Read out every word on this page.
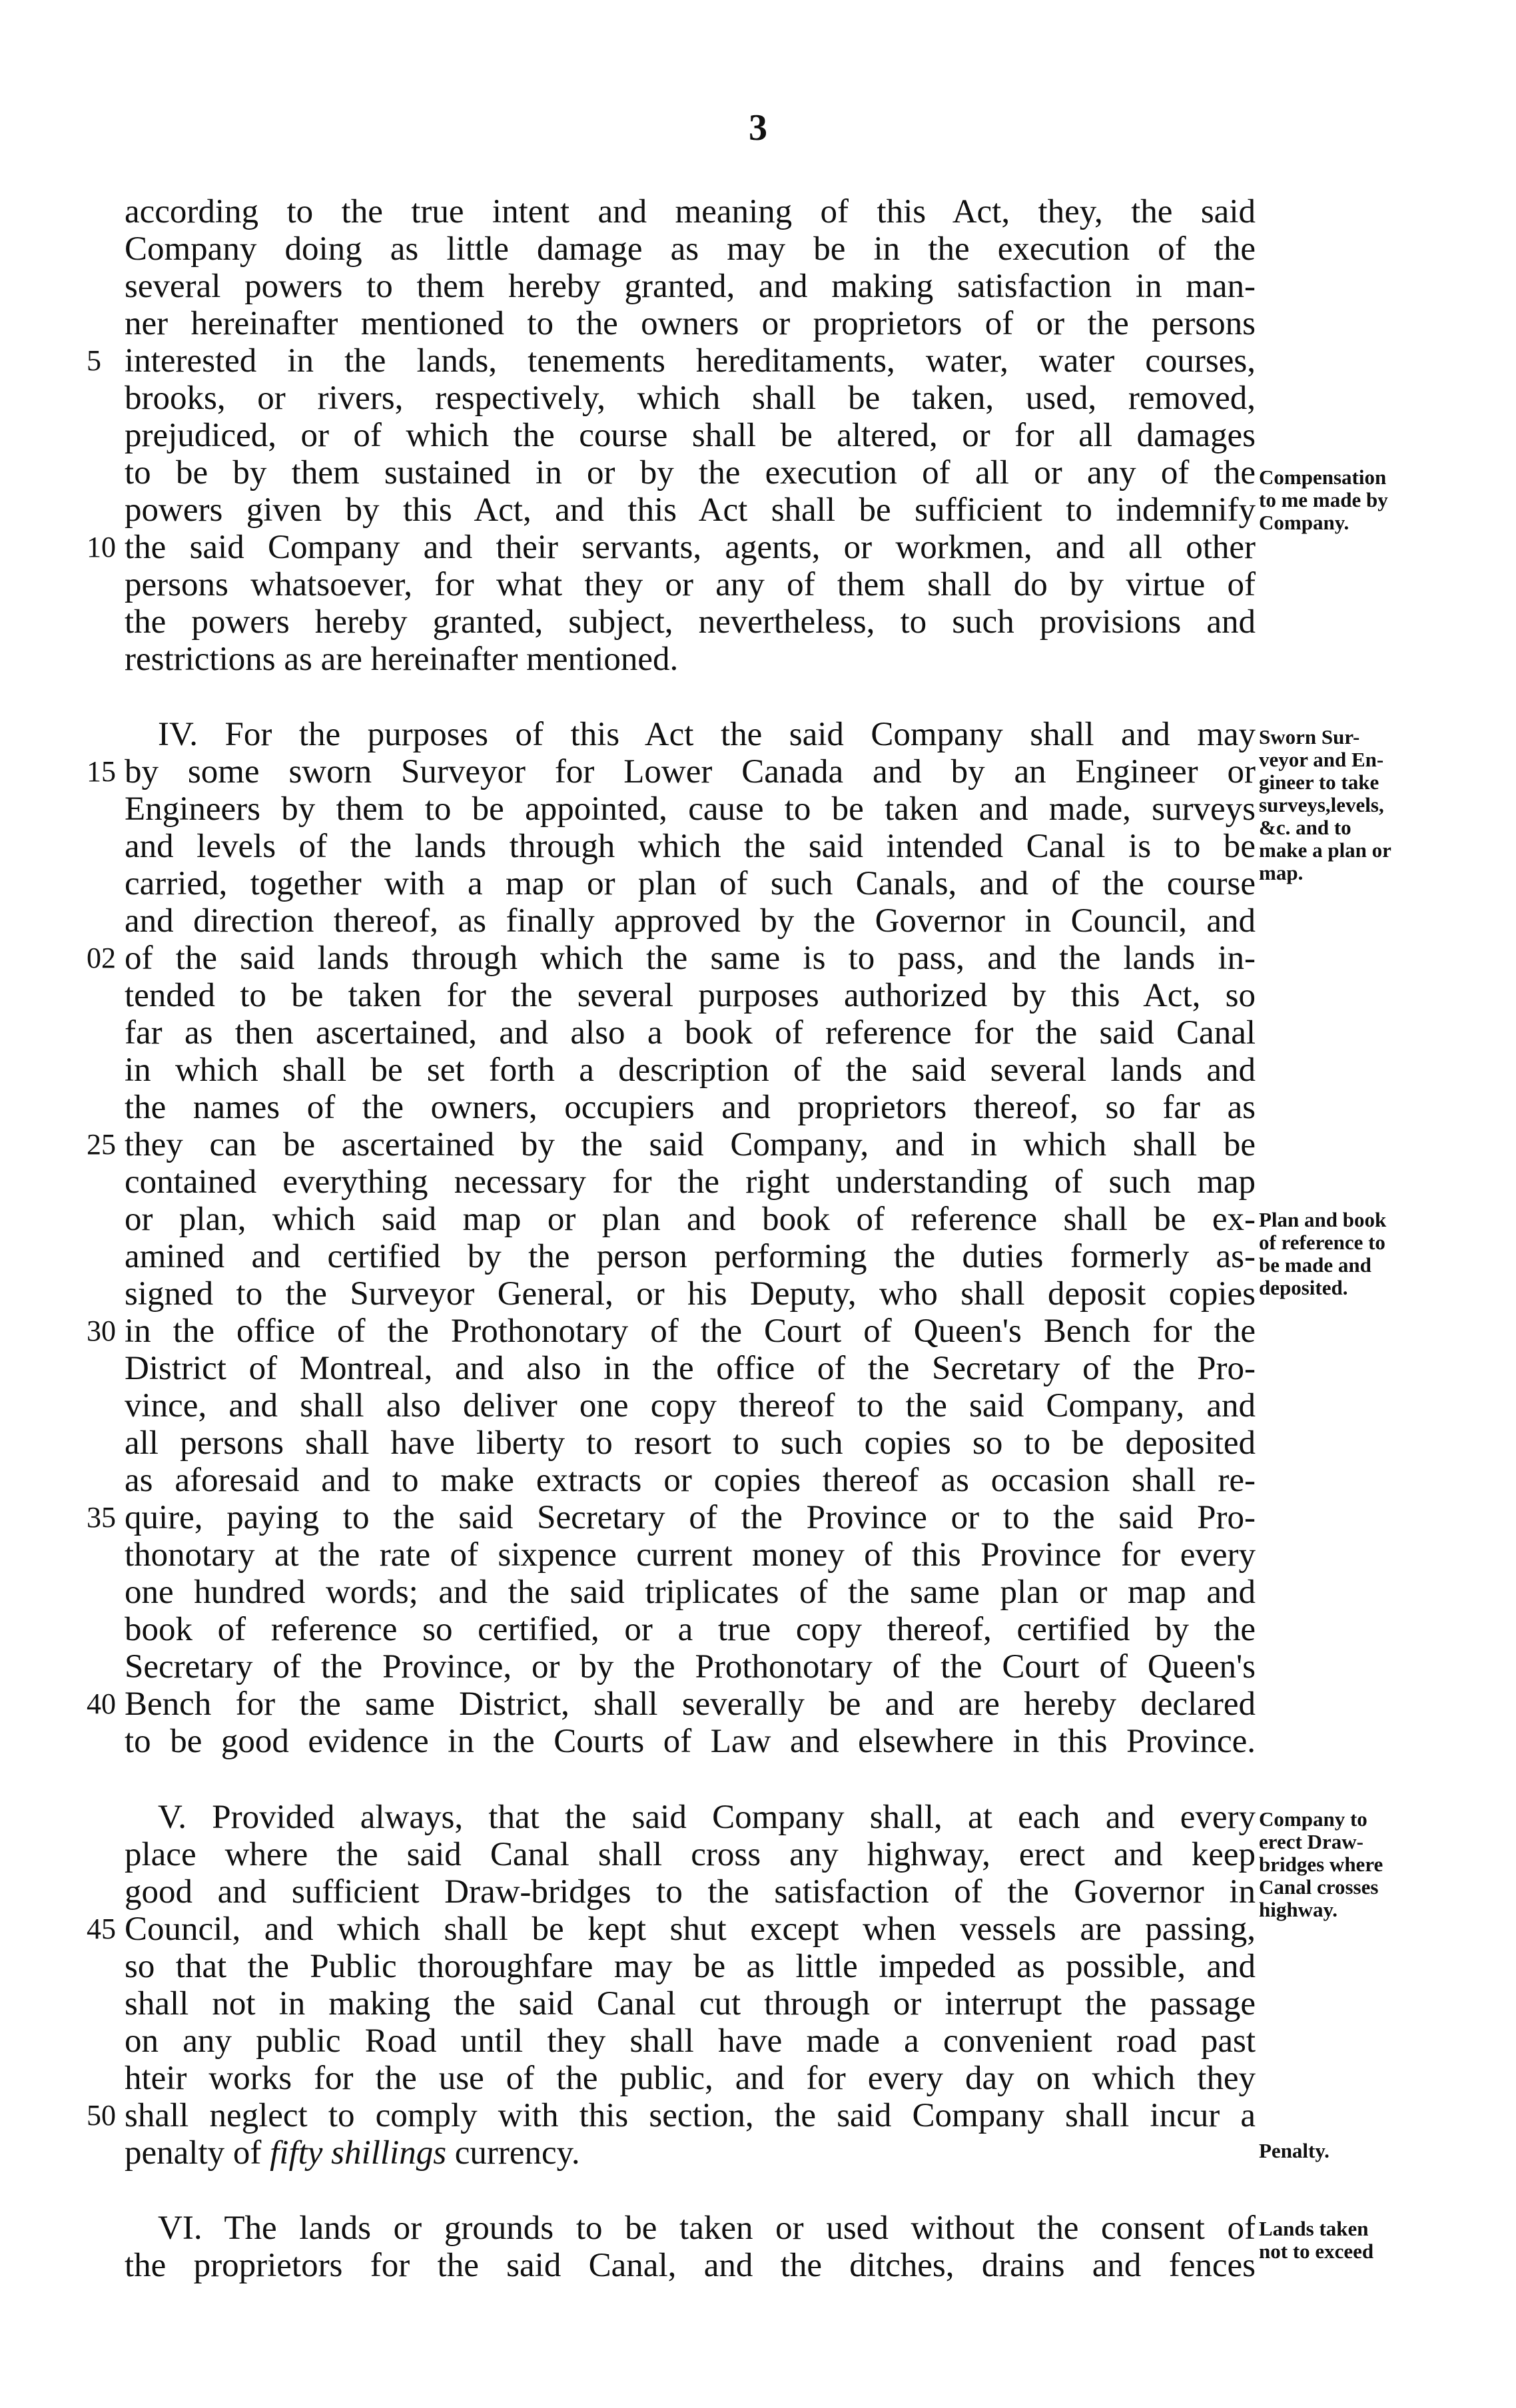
3
according to the true intent and meaning of this Act, they, the said
Company doing as little damage as may be in the execution of the
several powers to them hereby granted, and making satisfaction in man-
ner hereinafter mentioned to the owners or proprietors of or the persons
interested in the lands, tenements hereditaments, water, water courses,
brooks, or rivers, respectively, which shall be taken, used, removed,
prejudiced, or of which the course shall be altered, or for all damages
to be by them sustained in or by the execution of all or any of the
powers given by this Act, and this Act shall be sufficient to indemnify
the said Company and their servants, agents, or workmen, and all other
persons whatsoever, for what they or any of them shall do by virtue of
the powers hereby granted, subject, nevertheless, to such provisions and
restrictions as are hereinafter mentioned.
IV. For the purposes of this Act the said Company shall and may
by some sworn Surveyor for Lower Canada and by an Engineer or
Engineers by them to be appointed, cause to be taken and made, surveys
and levels of the lands through which the said intended Canal is to be
carried, together with a map or plan of such Canals, and of the course
and direction thereof, as finally approved by the Governor in Council, and
of the said lands through which the same is to pass, and the lands in-
tended to be taken for the several purposes authorized by this Act, so
far as then ascertained, and also a book of reference for the said Canal
in which shall be set forth a description of the said several lands and
the names of the owners, occupiers and proprietors thereof, so far as
they can be ascertained by the said Company, and in which shall be
contained everything necessary for the right understanding of such map
or plan, which said map or plan and book of reference shall be ex-
amined and certified by the person performing the duties formerly as-
signed to the Surveyor General, or his Deputy, who shall deposit copies
in the office of the Prothonotary of the Court of Queen's Bench for the
District of Montreal, and also in the office of the Secretary of the Pro-
vince, and shall also deliver one copy thereof to the said Company, and
all persons shall have liberty to resort to such copies so to be deposited
as aforesaid and to make extracts or copies thereof as occasion shall re-
quire, paying to the said Secretary of the Province or to the said Pro-
thonotary at the rate of sixpence current money of this Province for every
one hundred words; and the said triplicates of the same plan or map and
book of reference so certified, or a true copy thereof, certified by the
Secretary of the Province, or by the Prothonotary of the Court of Queen's
Bench for the same District, shall severally be and are hereby declared
to be good evidence in the Courts of Law and elsewhere in this Province.
V. Provided always, that the said Company shall, at each and every
place where the said Canal shall cross any highway, erect and keep
good and sufficient Draw-bridges to the satisfaction of the Governor in
Council, and which shall be kept shut except when vessels are passing,
so that the Public thoroughfare may be as little impeded as possible, and
shall not in making the said Canal cut through or interrupt the passage
on any public Road until they shall have made a convenient road past
hteir works for the use of the public, and for every day on which they
shall neglect to comply with this section, the said Company shall incur a
penalty of fifty shillings currency.
VI. The lands or grounds to be taken or used without the consent of
the proprietors for the said Canal, and the ditches, drains and fences
5
10
15
02
25
30
35
40
45
50
Compensation
to me made by
Company.
Sworn Sur-
veyor and En-
gineer to take
surveys,levels,
&c. and to
make a plan or
map.
Plan and book
of reference to
be made and
deposited.
Company to
erect Draw-
bridges where
Canal crosses
highway.
Penalty.
Lands taken
not to exceed
